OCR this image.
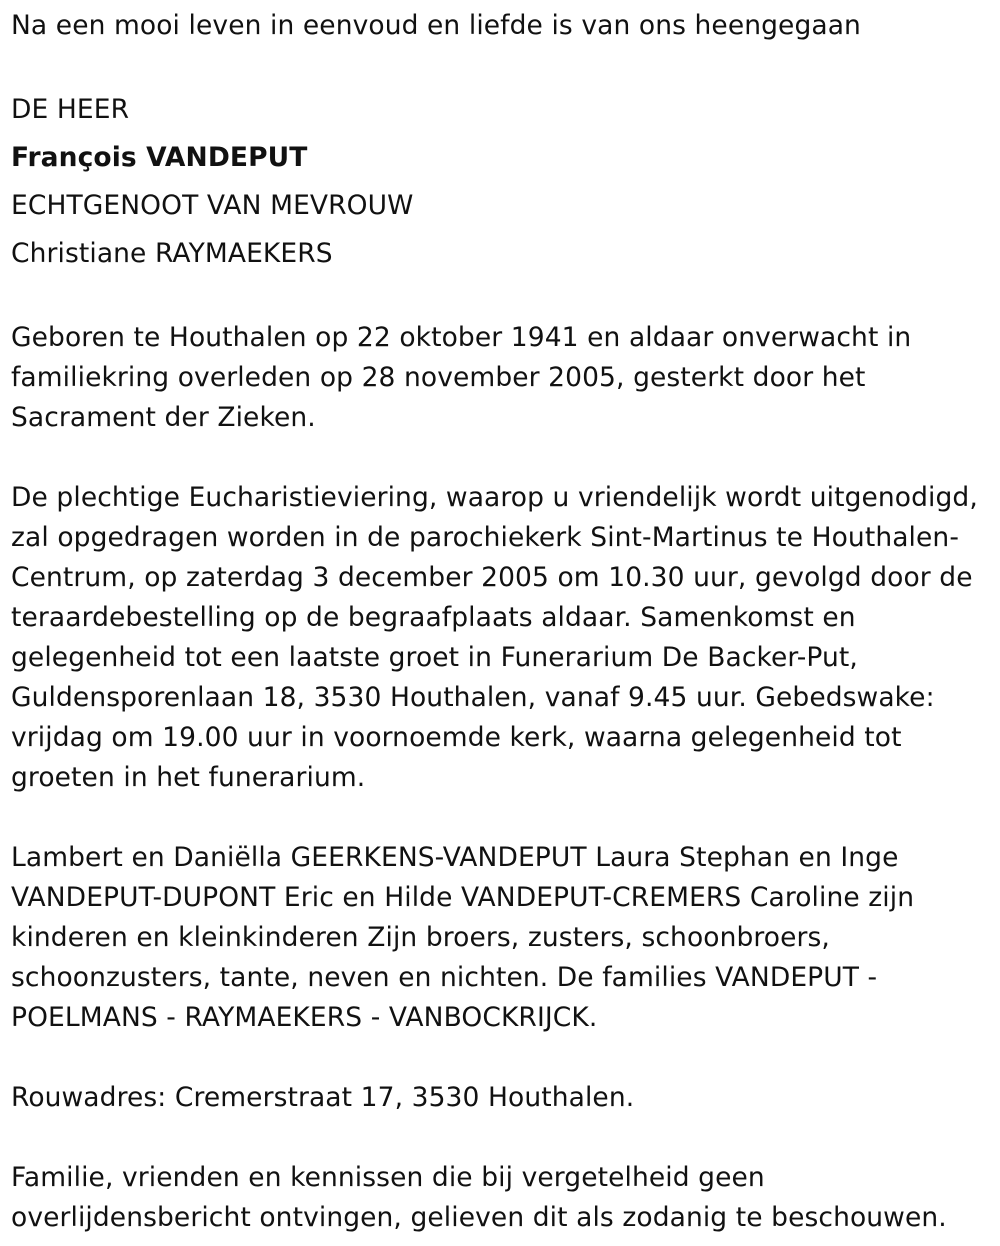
Na een mooi leven in eenvoud en liefde is van ons heengegaan

DE HEER

François VANDEPUT

ECHTGENOOT VAN MEVROUW

Christiane RAYMAEKERS

Geboren te Houthalen op 22 oktober 1941 en aldaar onverwacht in familiekring overleden op 28 november 2005, gesterkt door het Sacrament der Zieken.

De plechtige Eucharistieviering, waarop u vriendelijk wordt uitgenodigd, zal opgedragen worden in de parochiekerk Sint-Martinus te Houthalen-Centrum, op zaterdag 3 december 2005 om 10.30 uur, gevolgd door de teraardebestelling op de begraafplaats aldaar. Samenkomst en gelegenheid tot een laatste groet in Funerarium De Backer-Put, Guldensporenlaan 18, 3530 Houthalen, vanaf 9.45 uur. Gebedswake: vrijdag om 19.00 uur in voornoemde kerk, waarna gelegenheid tot groeten in het funerarium.

Lambert en Daniëlla GEERKENS-VANDEPUT Laura Stephan en Inge VANDEPUT-DUPONT Eric en Hilde VANDEPUT-CREMERS Caroline zijn kinderen en kleinkinderen Zijn broers, zusters, schoonbroers, schoonzusters, tante, neven en nichten. De families VANDEPUT - POELMANS - RAYMAEKERS - VANBOCKRIJCK.

Rouwadres: Cremerstraat 17, 3530 Houthalen.

Familie, vrienden en kennissen die bij vergetelheid geen overlijdensbericht ontvingen, gelieven dit als zodanig te beschouwen.
